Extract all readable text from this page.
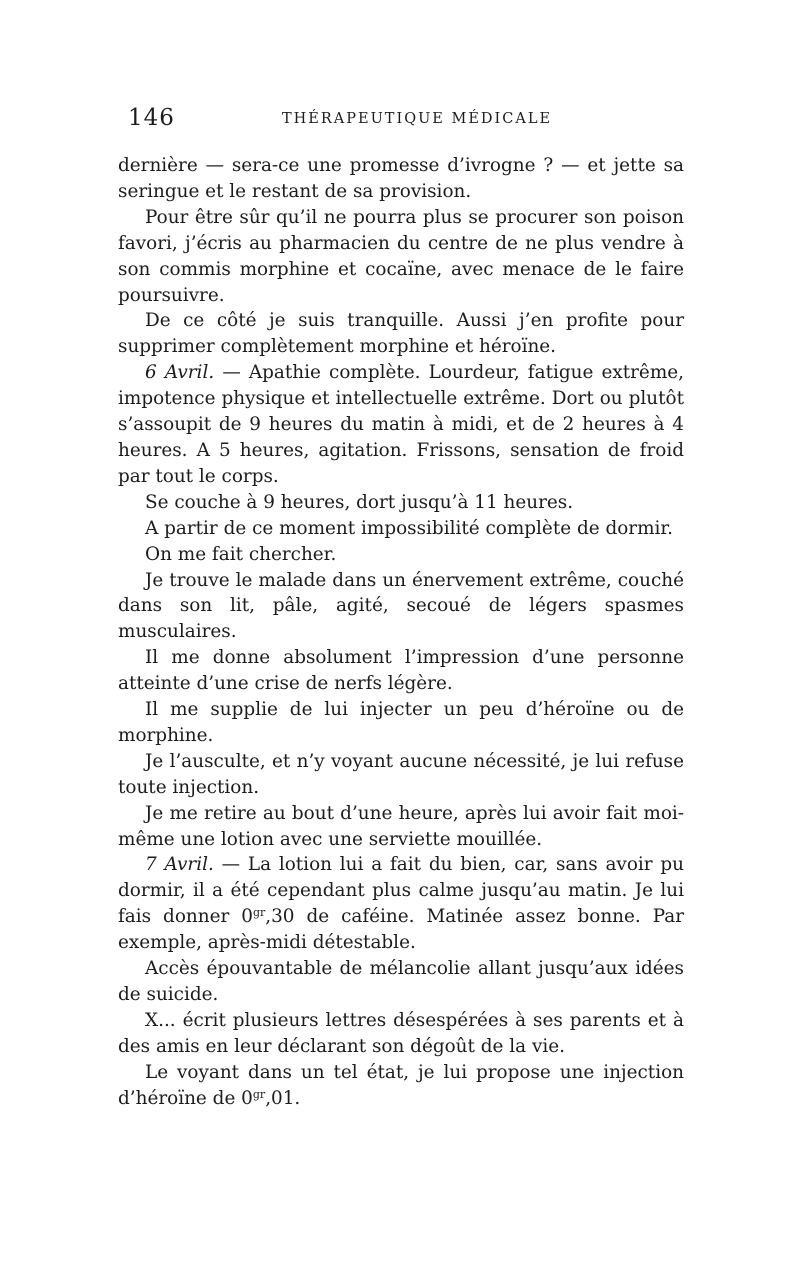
146	THÉRAPEUTIQUE MÉDICALE

dernière — sera-ce une promesse d’ivrogne ? — et jette sa seringue et le restant de sa provision.

Pour être sûr qu’il ne pourra plus se procurer son poison favori, j’écris au pharmacien du centre de ne plus vendre à son commis morphine et cocaïne, avec menace de le faire poursuivre.

De ce côté je suis tranquille. Aussi j’en profite pour supprimer complètement morphine et héroïne.

6 Avril. — Apathie complète. Lourdeur, fatigue extrême, impotence physique et intellectuelle extrême. Dort ou plutôt s’assoupit de 9 heures du matin à midi, et de 2 heures à 4 heures. A 5 heures, agitation. Frissons, sensation de froid par tout le corps.

Se couche à 9 heures, dort jusqu’à 11 heures.

A partir de ce moment impossibilité complète de dormir.

On me fait chercher.

Je trouve le malade dans un énervement extrême, couché dans son lit, pâle, agité, secoué de légers spasmes musculaires.

Il me donne absolument l’impression d’une personne atteinte d’une crise de nerfs légère.

Il me supplie de lui injecter un peu d’héroïne ou de morphine.

Je l’ausculte, et n’y voyant aucune nécessité, je lui refuse toute injection.

Je me retire au bout d’une heure, après lui avoir fait moi-même une lotion avec une serviette mouillée.

7 Avril. — La lotion lui a fait du bien, car, sans avoir pu dormir, il a été cependant plus calme jusqu’au matin. Je lui fais donner $0^{gr},30$ de caféine. Matinée assez bonne. Par exemple, après-midi détestable.

Accès épouvantable de mélancolie allant jusqu’aux idées de suicide.

X... écrit plusieurs lettres désespérées à ses parents et à des amis en leur déclarant son dégoût de la vie.

Le voyant dans un tel état, je lui propose une injection d’héroïne de $0^{gr},01$.
